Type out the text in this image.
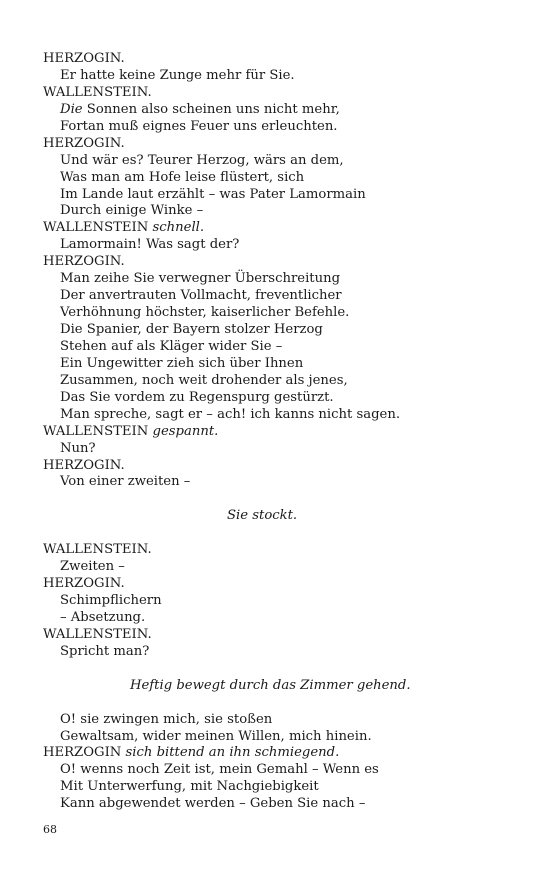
HERZOGIN.
Er hatte keine Zunge mehr für Sie.
WALLENSTEIN.
Die Sonnen also scheinen uns nicht mehr,
Fortan muß eignes Feuer uns erleuchten.
HERZOGIN.
Und wär es? Teurer Herzog, wärs an dem,
Was man am Hofe leise flüstert, sich
Im Lande laut erzählt – was Pater Lamormain
Durch einige Winke –
WALLENSTEIN schnell.
Lamormain! Was sagt der?
HERZOGIN.
Man zeihe Sie verwegner Überschreitung
Der anvertrauten Vollmacht, freventlicher
Verhöhnung höchster, kaiserlicher Befehle.
Die Spanier, der Bayern stolzer Herzog
Stehen auf als Kläger wider Sie –
Ein Ungewitter zieh sich über Ihnen
Zusammen, noch weit drohender als jenes,
Das Sie vordem zu Regenspurg gestürzt.
Man spreche, sagt er – ach! ich kanns nicht sagen.
WALLENSTEIN gespannt.
Nun?
HERZOGIN.
Von einer zweiten –
Sie stockt.
WALLENSTEIN.
Zweiten –
HERZOGIN.
Schimpflichern
– Absetzung.
WALLENSTEIN.
Spricht man?
Heftig bewegt durch das Zimmer gehend.
O! sie zwingen mich, sie stoßen
Gewaltsam, wider meinen Willen, mich hinein.
HERZOGIN sich bittend an ihn schmiegend.
O! wenns noch Zeit ist, mein Gemahl – Wenn es
Mit Unterwerfung, mit Nachgiebigkeit
Kann abgewendet werden – Geben Sie nach –
68
